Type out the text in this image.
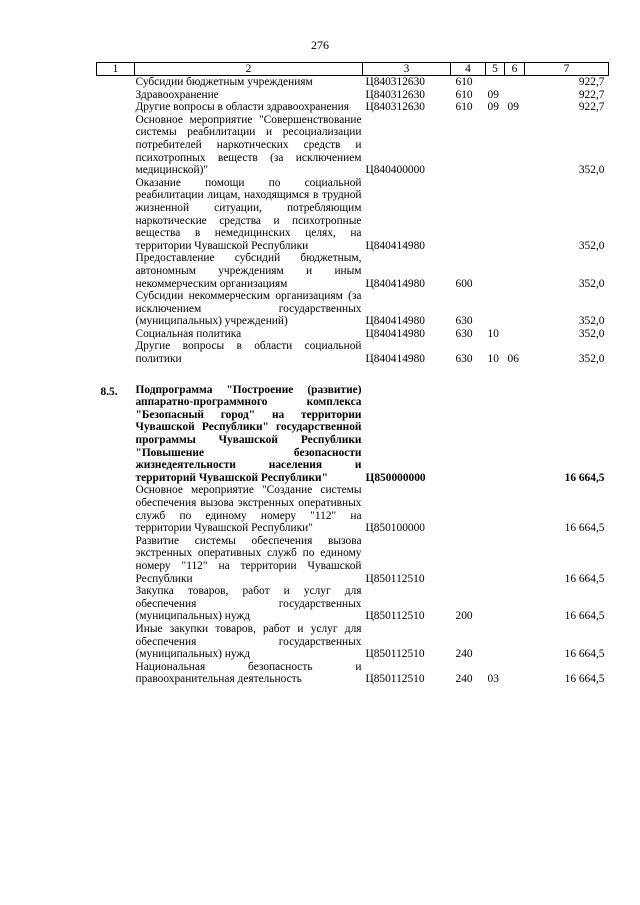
276
1	2	3	4	5	6	7
	Субсидии бюджетным учреждениям	Ц840312630	610			922,7
	Здравоохранение	Ц840312630	610	09		922,7
	Другие вопросы в области здравоохранения	Ц840312630	610	09	09	922,7
	Основное мероприятие "Совершенствование системы реабилитации и ресоциализации потребителей наркотических средств и психотропных веществ (за исключением медицинской)"	Ц840400000				352,0
	Оказание помощи по социальной реабилитации лицам, находящимся в трудной жизненной ситуации, потребляющим наркотические средства и психотропные вещества в немедицинских целях, на территории Чувашской Республики	Ц840414980				352,0
	Предоставление субсидий бюджетным, автономным учреждениям и иным некоммерческим организациям	Ц840414980	600			352,0
	Субсидии некоммерческим организациям (за исключением государственных (муниципальных) учреждений)	Ц840414980	630			352,0
	Социальная политика	Ц840414980	630	10		352,0
	Другие вопросы в области социальной политики	Ц840414980	630	10	06	352,0

8.5.	Подпрограмма "Построение (развитие) аппаратно-программного комплекса "Безопасный город" на территории Чувашской Республики" государственной программы Чувашской Республики "Повышение безопасности жизнедеятельности населения и территорий Чувашской Республики"	Ц850000000				16 664,5
	Основное мероприятие "Создание системы обеспечения вызова экстренных оперативных служб по единому номеру "112" на территории Чувашской Республики"	Ц850100000				16 664,5
	Развитие системы обеспечения вызова экстренных оперативных служб по единому номеру "112" на территории Чувашской Республики	Ц850112510				16 664,5
	Закупка товаров, работ и услуг для обеспечения государственных (муниципальных) нужд	Ц850112510	200			16 664,5
	Иные закупки товаров, работ и услуг для обеспечения государственных (муниципальных) нужд	Ц850112510	240			16 664,5
	Национальная безопасность и правоохранительная деятельность	Ц850112510	240	03		16 664,5
